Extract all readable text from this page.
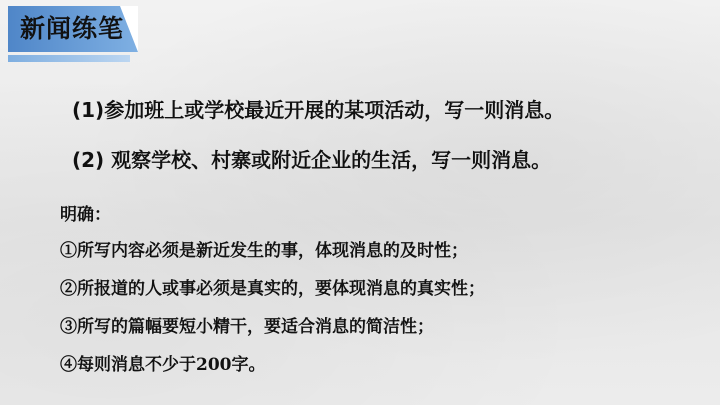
新闻练笔
(1)参加班上或学校最近开展的某项活动，写一则消息。
(2) 观察学校、村寨或附近企业的生活，写一则消息。
明确：
①所写内容必须是新近发生的事，体现消息的及时性；
②所报道的人或事必须是真实的，要体现消息的真实性；
③所写的篇幅要短小精干，要适合消息的简洁性；
④每则消息不少于200字。
